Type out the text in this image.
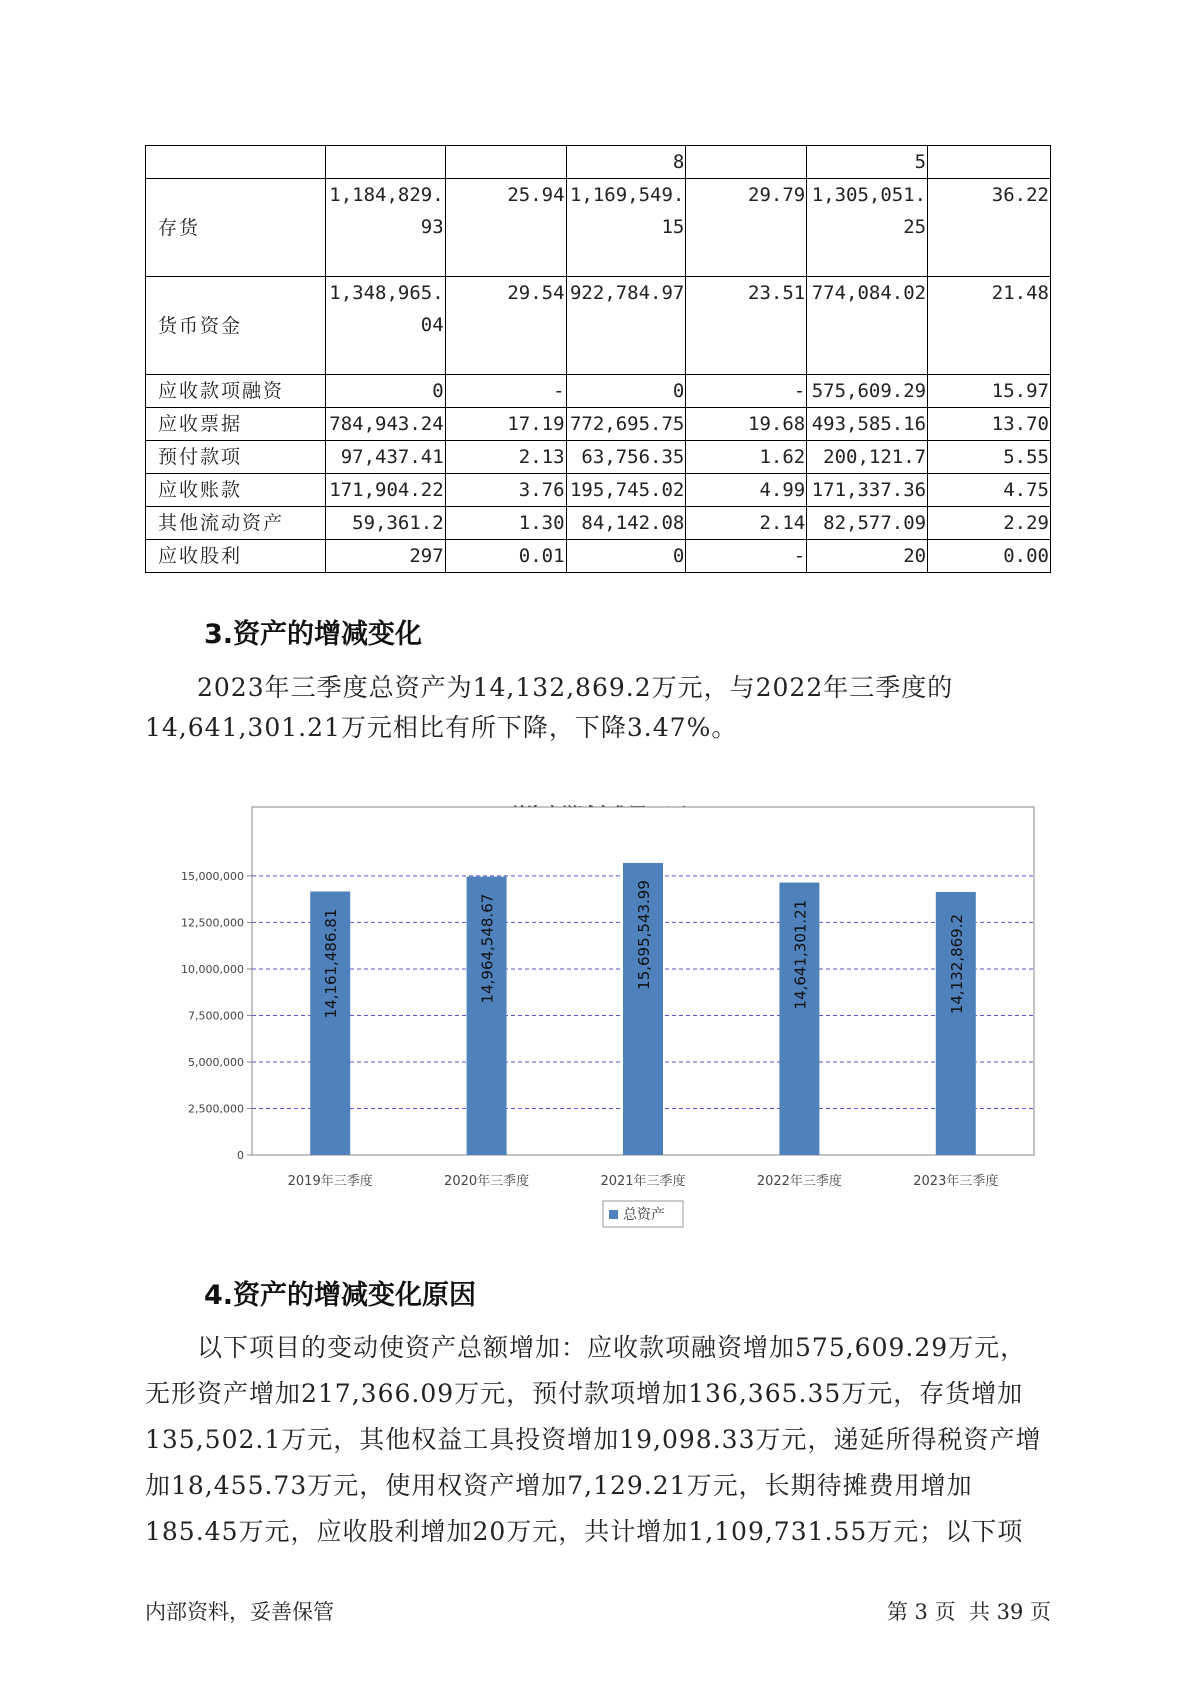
			8		5	
存货	1,184,829.93	25.94	1,169,549.15	29.79	1,305,051.25	36.22
货币资金	1,348,965.04	29.54	922,784.97	23.51	774,084.02	21.48
应收款项融资	0	-	0	-	575,609.29	15.97
应收票据	784,943.24	17.19	772,695.75	19.68	493,585.16	13.70
预付款项	97,437.41	2.13	63,756.35	1.62	200,121.7	5.55
应收账款	171,904.22	3.76	195,745.02	4.99	171,337.36	4.75
其他流动资产	59,361.2	1.30	84,142.08	2.14	82,577.09	2.29
应收股利	297	0.01	0	-	20	0.00
3.资产的增减变化
2023年三季度总资产为14,132,869.2万元，与2022年三季度的14,641,301.21万元相比有所下降，下降3.47%。
0
2,500,000
5,000,000
7,500,000
10,000,000
12,500,000
15,000,000
14,161,486.81
2019年三季度
14,964,548.67
2020年三季度
15,695,543.99
2021年三季度
14,641,301.21
2022年三季度
14,132,869.2
2023年三季度
总资产
4.资产的增减变化原因
以下项目的变动使资产总额增加：应收款项融资增加575,609.29万元，无形资产增加217,366.09万元，预付款项增加136,365.35万元，存货增加135,502.1万元，其他权益工具投资增加19,098.33万元，递延所得税资产增加18,455.73万元，使用权资产增加7,129.21万元，长期待摊费用增加185.45万元，应收股利增加20万元，共计增加1,109,731.55万元；以下项
内部资料，妥善保管	第 3 页  共 39 页
